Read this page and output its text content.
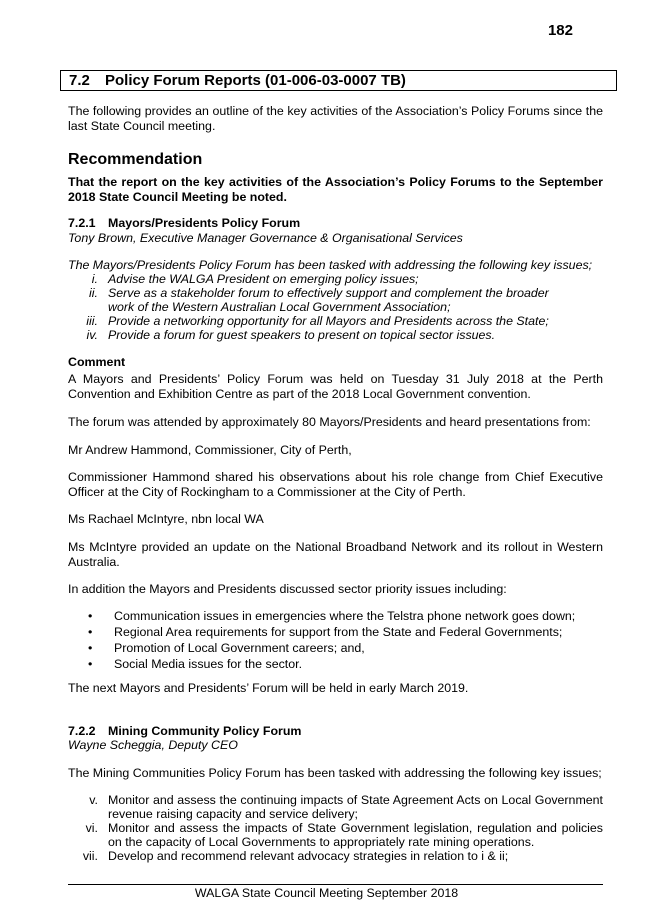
182
7.2 Policy Forum Reports (01-006-03-0007 TB)
The following provides an outline of the key activities of the Association’s Policy Forums since the last State Council meeting.
Recommendation
That the report on the key activities of the Association’s Policy Forums to the September 2018 State Council Meeting be noted.
7.2.1 Mayors/Presidents Policy Forum
Tony Brown, Executive Manager Governance & Organisational Services
The Mayors/Presidents Policy Forum has been tasked with addressing the following key issues;
i. Advise the WALGA President on emerging policy issues;
ii. Serve as a stakeholder forum to effectively support and complement the broader work of the Western Australian Local Government Association;
iii. Provide a networking opportunity for all Mayors and Presidents across the State;
iv. Provide a forum for guest speakers to present on topical sector issues.
Comment
A Mayors and Presidents’ Policy Forum was held on Tuesday 31 July 2018 at the Perth Convention and Exhibition Centre as part of the 2018 Local Government convention.
The forum was attended by approximately 80 Mayors/Presidents and heard presentations from:
Mr Andrew Hammond, Commissioner, City of Perth,
Commissioner Hammond shared his observations about his role change from Chief Executive Officer at the City of Rockingham to a Commissioner at the City of Perth.
Ms Rachael McIntyre, nbn local WA
Ms McIntyre provided an update on the National Broadband Network and its rollout in Western Australia.
In addition the Mayors and Presidents discussed sector priority issues including:
• Communication issues in emergencies where the Telstra phone network goes down;
• Regional Area requirements for support from the State and Federal Governments;
• Promotion of Local Government careers; and,
• Social Media issues for the sector.
The next Mayors and Presidents’ Forum will be held in early March 2019.
7.2.2 Mining Community Policy Forum
Wayne Scheggia, Deputy CEO
The Mining Communities Policy Forum has been tasked with addressing the following key issues;
v. Monitor and assess the continuing impacts of State Agreement Acts on Local Government revenue raising capacity and service delivery;
vi. Monitor and assess the impacts of State Government legislation, regulation and policies on the capacity of Local Governments to appropriately rate mining operations.
vii. Develop and recommend relevant advocacy strategies in relation to i & ii;
WALGA State Council Meeting September 2018
